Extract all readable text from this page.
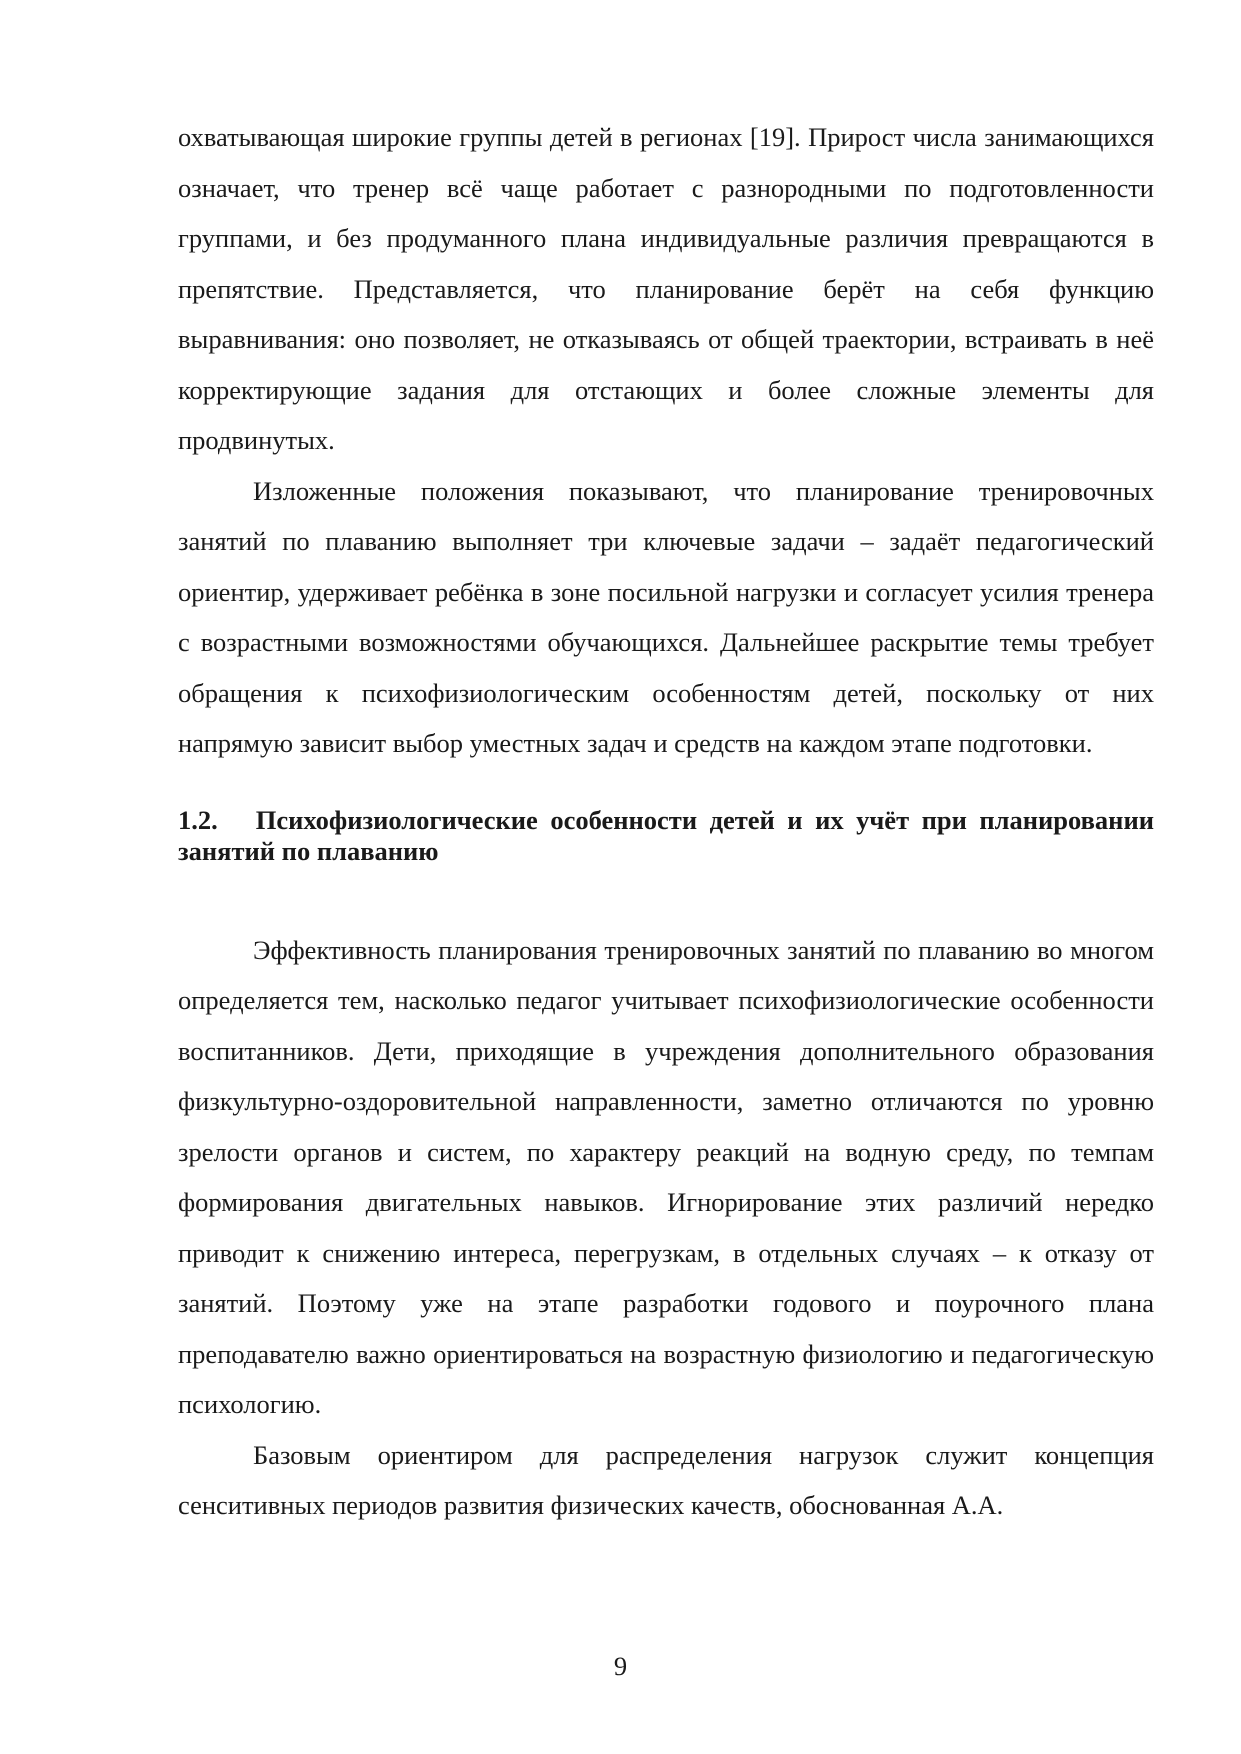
охватывающая широкие группы детей в регионах [19]. Прирост числа занимающихся означает, что тренер всё чаще работает с разнородными по подготовленности группами, и без продуманного плана индивидуальные различия превращаются в препятствие. Представляется, что планирование берёт на себя функцию выравнивания: оно позволяет, не отказываясь от общей траектории, встраивать в неё корректирующие задания для отстающих и более сложные элементы для продвинутых.

Изложенные положения показывают, что планирование тренировочных занятий по плаванию выполняет три ключевые задачи – задаёт педагогический ориентир, удерживает ребёнка в зоне посильной нагрузки и согласует усилия тренера с возрастными возможностями обучающихся. Дальнейшее раскрытие темы требует обращения к психофизиологическим особенностям детей, поскольку от них напрямую зависит выбор уместных задач и средств на каждом этапе подготовки.

1.2. Психофизиологические особенности детей и их учёт при планировании занятий по плаванию

Эффективность планирования тренировочных занятий по плаванию во многом определяется тем, насколько педагог учитывает психофизиологические особенности воспитанников. Дети, приходящие в учреждения дополнительного образования физкультурно-оздоровительной направленности, заметно отличаются по уровню зрелости органов и систем, по характеру реакций на водную среду, по темпам формирования двигательных навыков. Игнорирование этих различий нередко приводит к снижению интереса, перегрузкам, в отдельных случаях – к отказу от занятий. Поэтому уже на этапе разработки годового и поурочного плана преподавателю важно ориентироваться на возрастную физиологию и педагогическую психологию.

Базовым ориентиром для распределения нагрузок служит концепция сенситивных периодов развития физических качеств, обоснованная А.А.

9
